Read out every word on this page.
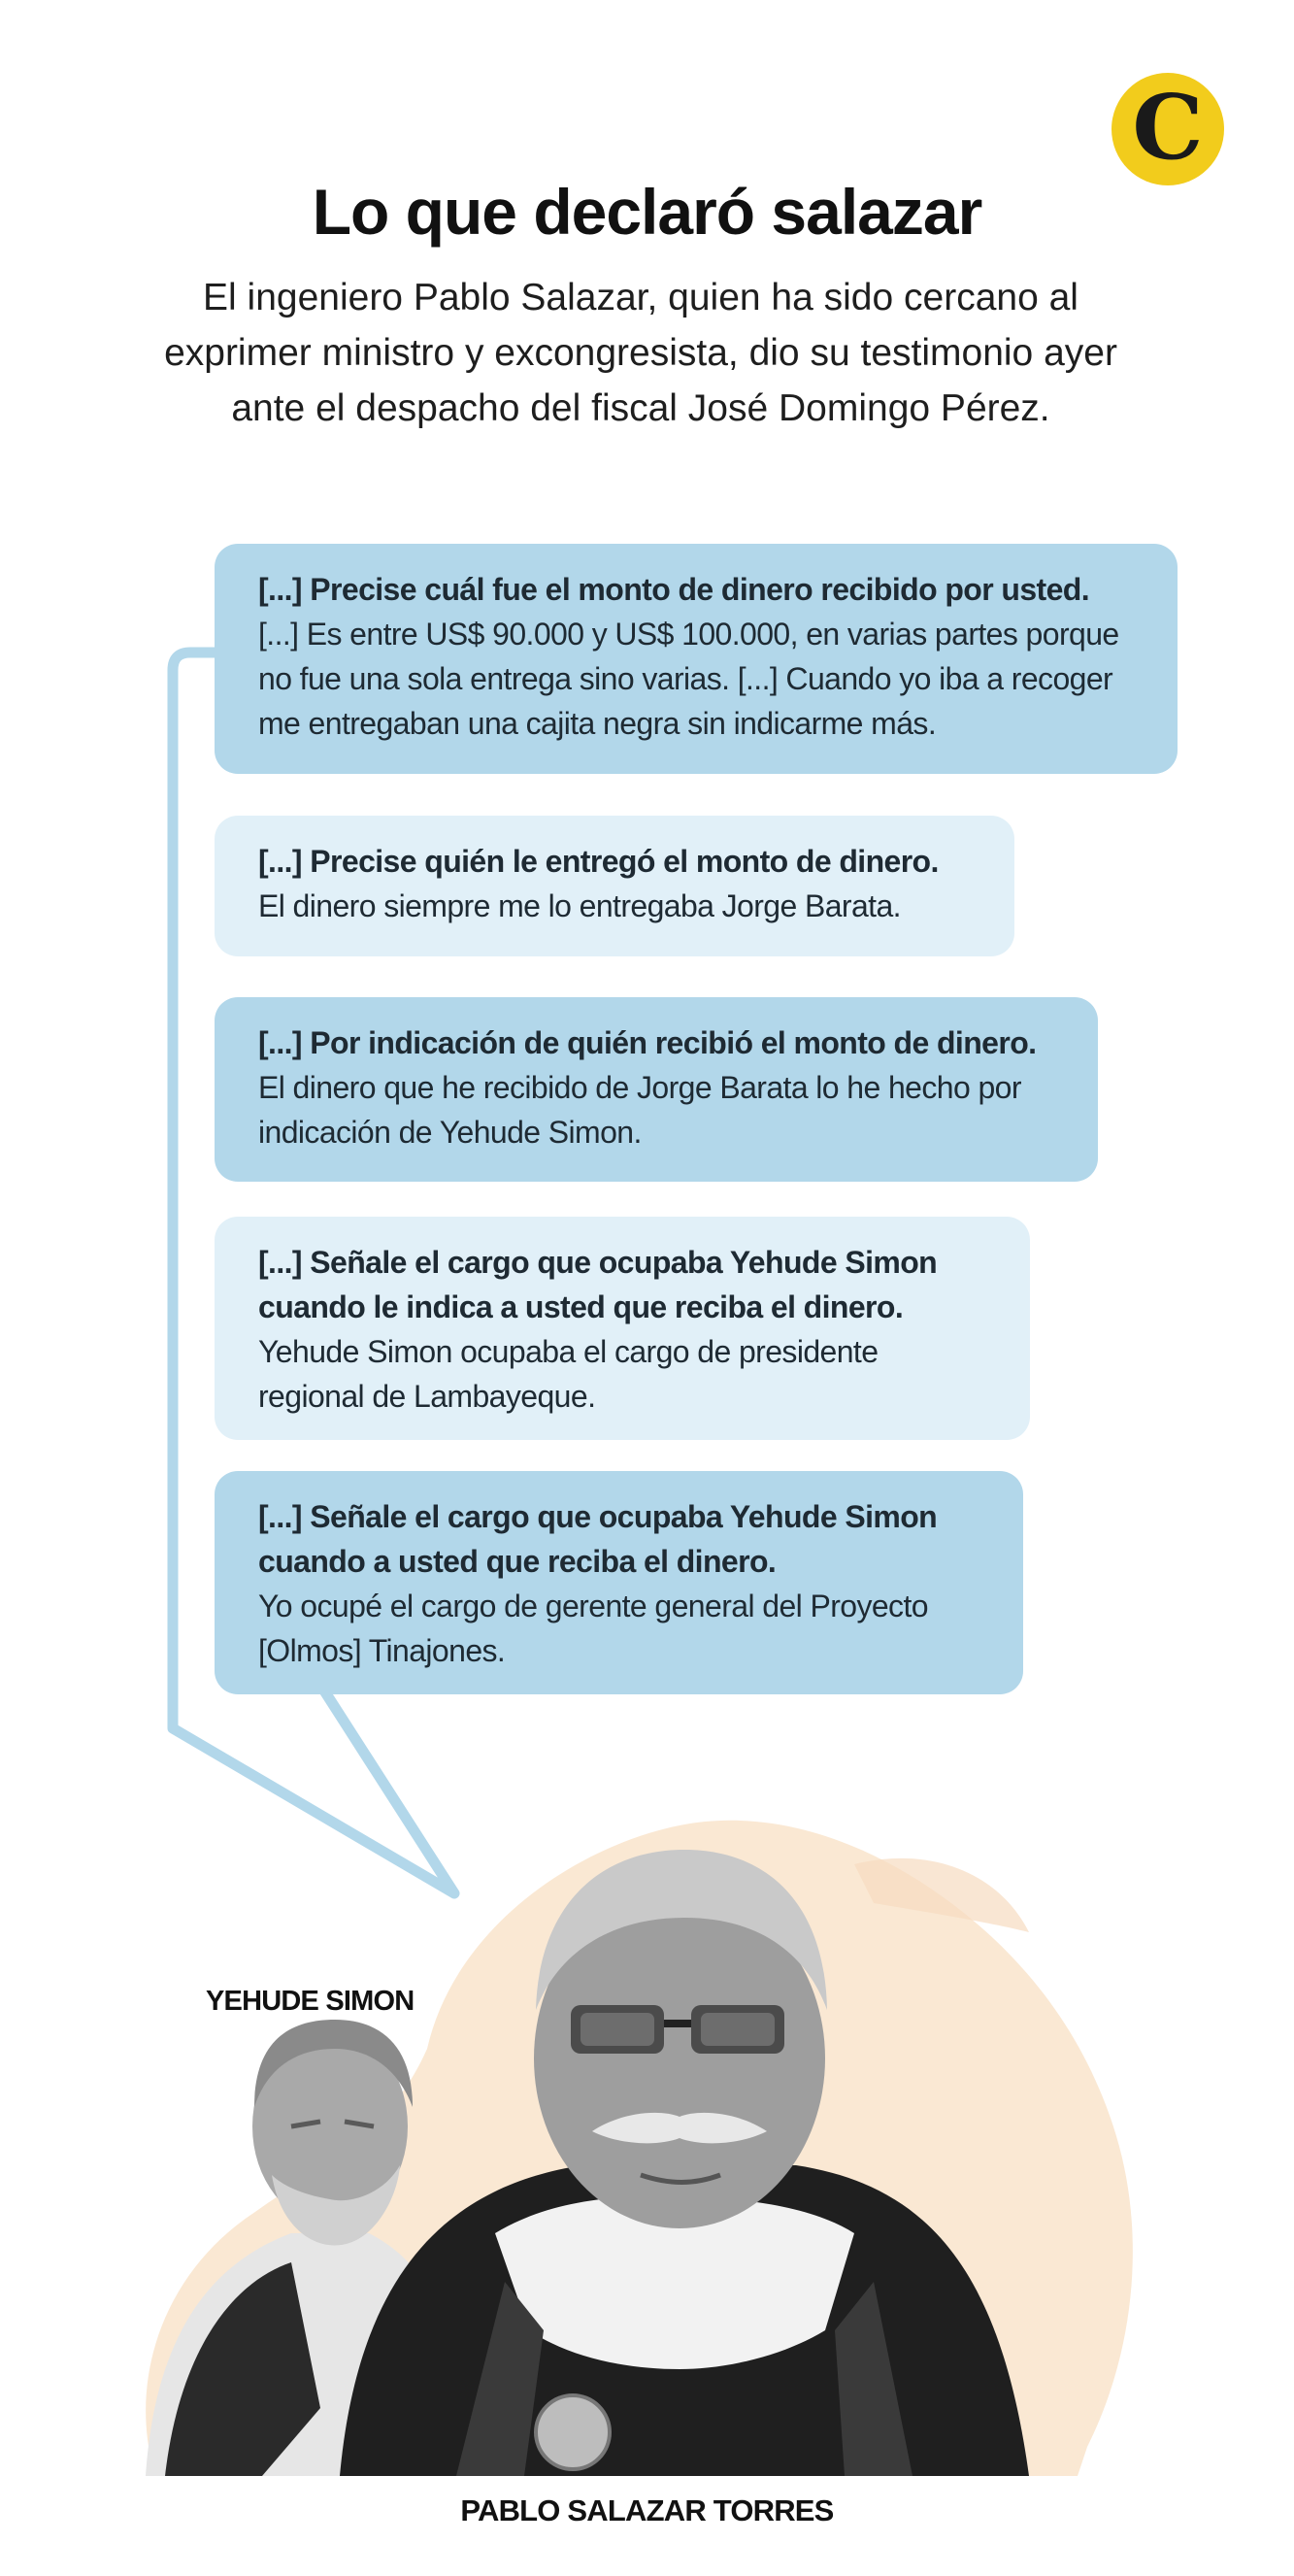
C
Lo que declaró salazar
El ingeniero Pablo Salazar, quien ha sido cercano al
exprimer ministro y excongresista, dio su testimonio ayer
ante el despacho del fiscal José Domingo Pérez.
[...] Precise cuál fue el monto de dinero recibido por usted.
[...] Es entre US$ 90.000 y US$ 100.000, en varias partes porque
no fue una sola entrega sino varias. [...] Cuando yo iba a recoger
me entregaban una cajita negra sin indicarme más.
[...] Precise quién le entregó el monto de dinero.
El dinero siempre me lo entregaba Jorge Barata.
[...] Por indicación de quién recibió el monto de dinero.
El dinero que he recibido de Jorge Barata lo he hecho por
indicación de Yehude Simon.
[...] Señale el cargo que ocupaba Yehude Simon
cuando le indica a usted que reciba el dinero.
Yehude Simon ocupaba el cargo de presidente
regional de Lambayeque.
[...] Señale el cargo que ocupaba Yehude Simon
cuando a usted que reciba el dinero.
Yo ocupé el cargo de gerente general del Proyecto
[Olmos] Tinajones.
YEHUDE SIMON
PABLO SALAZAR TORRES
